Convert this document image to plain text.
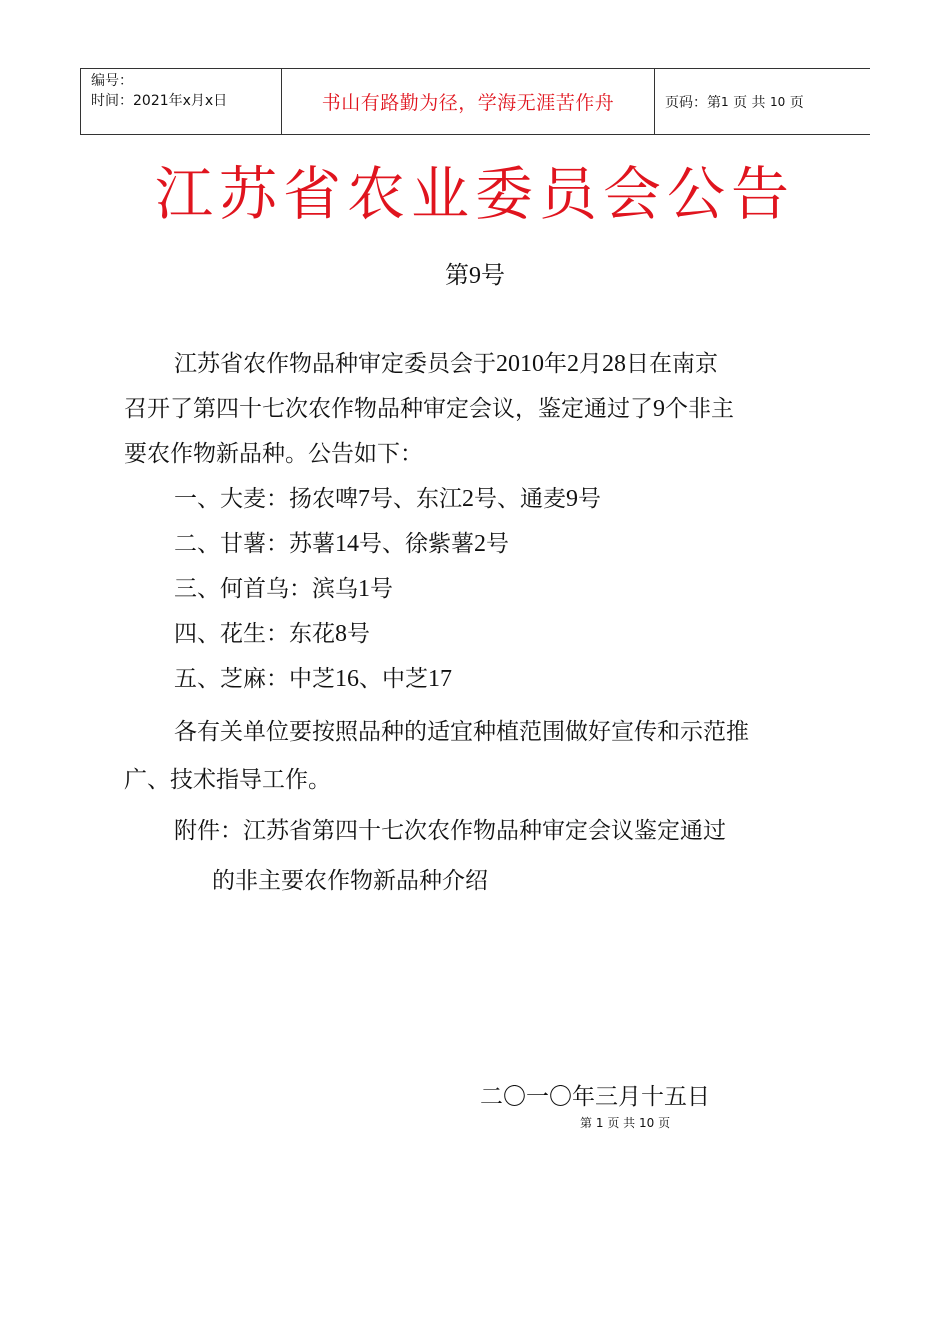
编号：
时间：2021年x月x日	书山有路勤为径，学海无涯苦作舟	页码：第 1
页 共
10
页
江苏省农业委员会公告
第9号
江苏省农作物品种审定委员会于2010年2月28日在南京
召开了第四十七次农作物品种审定会议，鉴定通过了9个非主
要农作物新品种。公告如下：
一、大麦：扬农啤7号、东江2号、通麦9号
二、甘薯：苏薯14号、徐紫薯2号
三、何首乌：滨乌1号
四、花生：东花8号
五、芝麻：中芝16、中芝17
各有关单位要按照品种的适宜种植范围做好宣传和示范推
广、技术指导工作。
附件：江苏省第四十七次农作物品种审定会议鉴定通过
的非主要农作物新品种介绍
二〇一〇年三月十五日
第 1 页 共 10 页
